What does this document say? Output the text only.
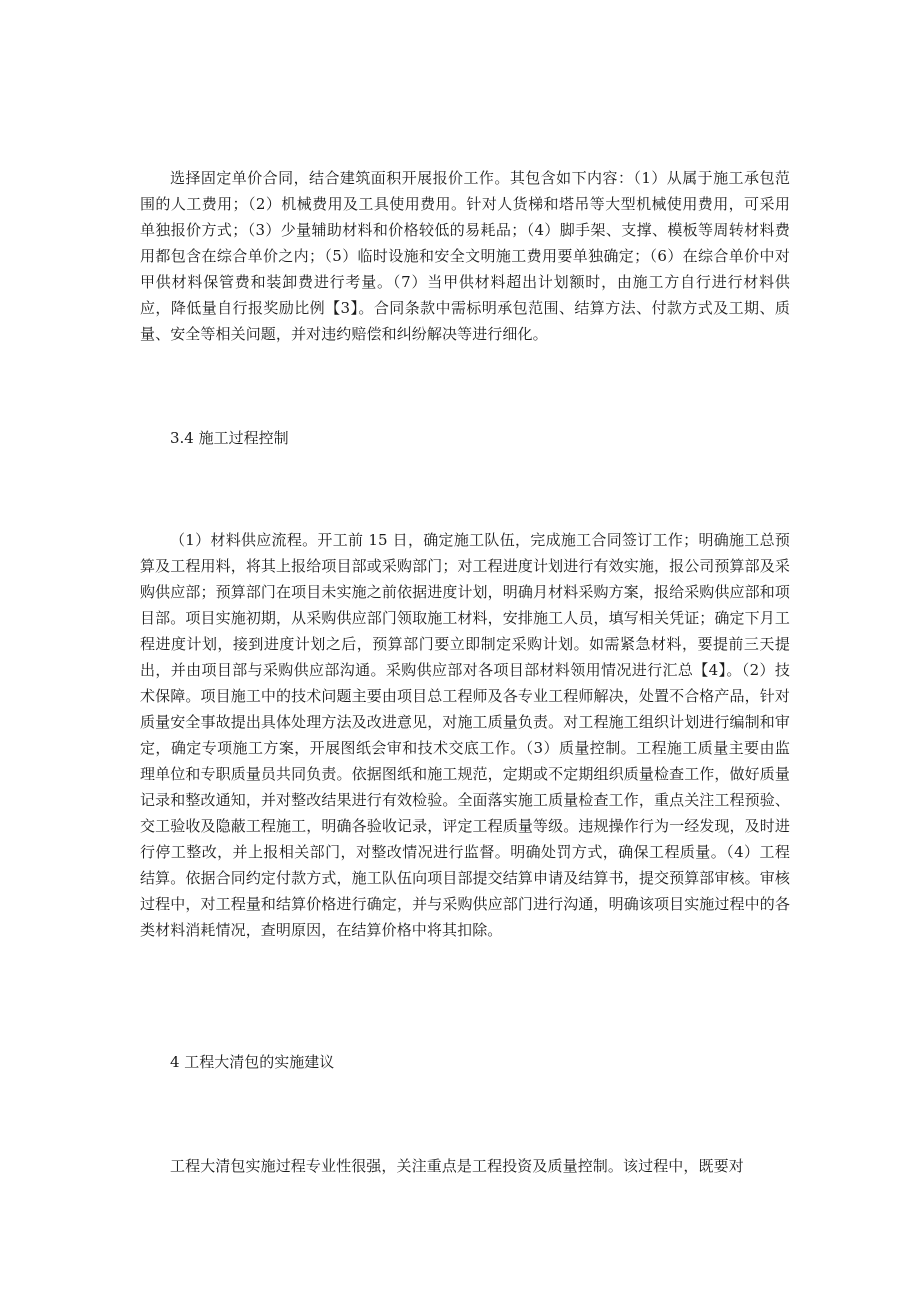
选择固定单价合同，结合建筑面积开展报价工作。其包含如下内容：（1）从属于施工承包范围的人工费用；（2）机械费用及工具使用费用。针对人货梯和塔吊等大型机械使用费用，可采用单独报价方式；（3）少量辅助材料和价格较低的易耗品；（4）脚手架、支撑、模板等周转材料费用都包含在综合单价之内；（5）临时设施和安全文明施工费用要单独确定；（6）在综合单价中对甲供材料保管费和装卸费进行考量。（7）当甲供材料超出计划额时，由施工方自行进行材料供应，降低量自行报奖励比例【3】。合同条款中需标明承包范围、结算方法、付款方式及工期、质量、安全等相关问题，并对违约赔偿和纠纷解决等进行细化。

3.4 施工过程控制

（1）材料供应流程。开工前 15 日，确定施工队伍，完成施工合同签订工作；明确施工总预算及工程用料，将其上报给项目部或采购部门；对工程进度计划进行有效实施，报公司预算部及采购供应部；预算部门在项目未实施之前依据进度计划，明确月材料采购方案，报给采购供应部和项目部。项目实施初期，从采购供应部门领取施工材料，安排施工人员，填写相关凭证；确定下月工程进度计划，接到进度计划之后，预算部门要立即制定采购计划。如需紧急材料，要提前三天提出，并由项目部与采购供应部沟通。采购供应部对各项目部材料领用情况进行汇总【4】。（2）技术保障。项目施工中的技术问题主要由项目总工程师及各专业工程师解决，处置不合格产品，针对质量安全事故提出具体处理方法及改进意见，对施工质量负责。对工程施工组织计划进行编制和审定，确定专项施工方案，开展图纸会审和技术交底工作。（3）质量控制。工程施工质量主要由监理单位和专职质量员共同负责。依据图纸和施工规范，定期或不定期组织质量检查工作，做好质量记录和整改通知，并对整改结果进行有效检验。全面落实施工质量检查工作，重点关注工程预验、交工验收及隐蔽工程施工，明确各验收记录，评定工程质量等级。违规操作行为一经发现，及时进行停工整改，并上报相关部门，对整改情况进行监督。明确处罚方式，确保工程质量。（4）工程结算。依据合同约定付款方式，施工队伍向项目部提交结算申请及结算书，提交预算部审核。审核过程中，对工程量和结算价格进行确定，并与采购供应部门进行沟通，明确该项目实施过程中的各类材料消耗情况，查明原因，在结算价格中将其扣除。

4 工程大清包的实施建议

工程大清包实施过程专业性很强，关注重点是工程投资及质量控制。该过程中，既要对
